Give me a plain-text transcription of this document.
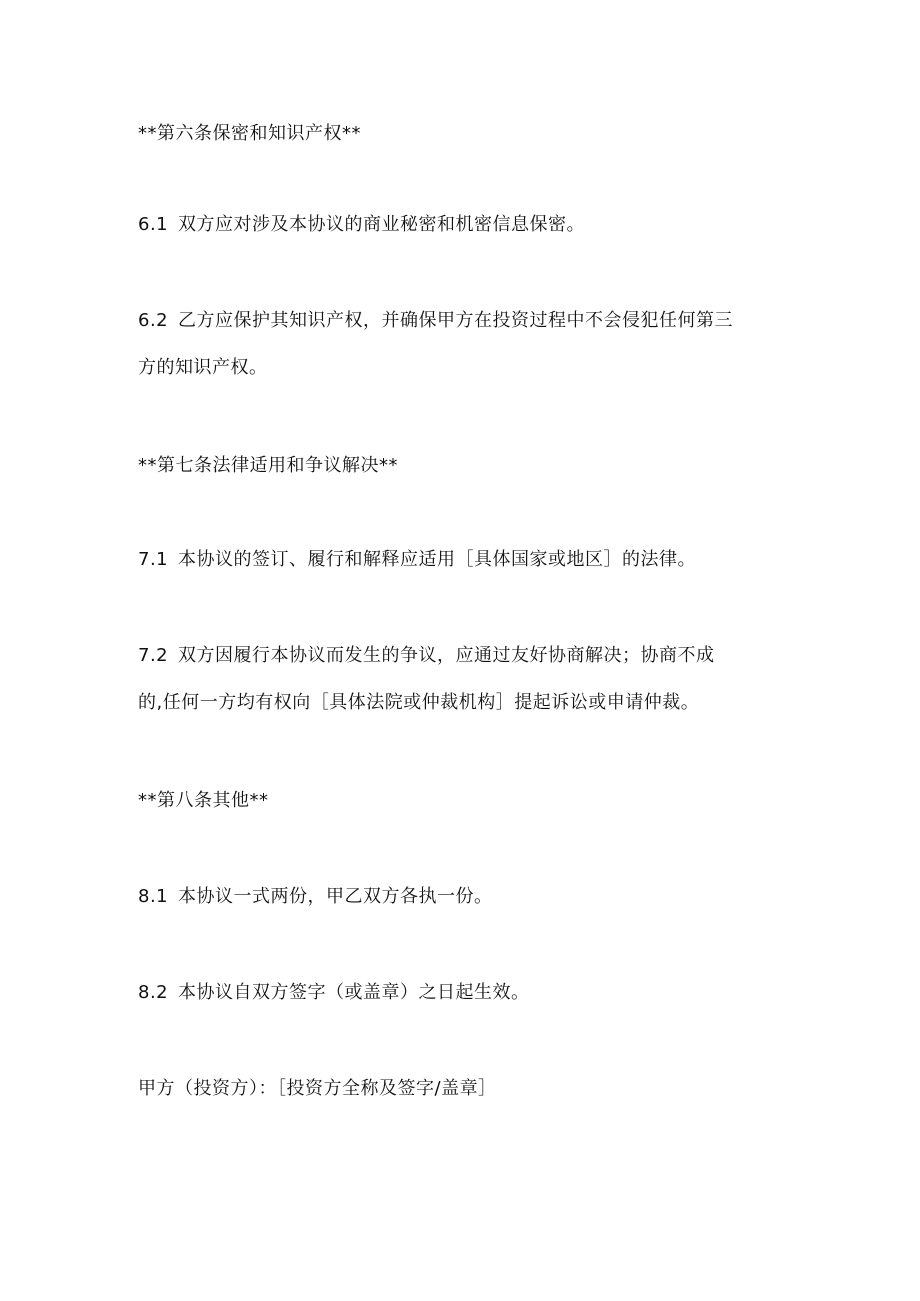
**第六条保密和知识产权**
6.1 双方应对涉及本协议的商业秘密和机密信息保密。
6.2 乙方应保护其知识产权，并确保甲方在投资过程中不会侵犯任何第三
方的知识产权。
**第七条法律适用和争议解决**
7.1 本协议的签订、履行和解释应适用［具体国家或地区］的法律。
7.2 双方因履行本协议而发生的争议，应通过友好协商解决；协商不成
的,任何一方均有权向［具体法院或仲裁机构］提起诉讼或申请仲裁。
**第八条其他**
8.1 本协议一式两份，甲乙双方各执一份。
8.2 本协议自双方签字（或盖章）之日起生效。
甲方（投资方）：［投资方全称及签字/盖章］
